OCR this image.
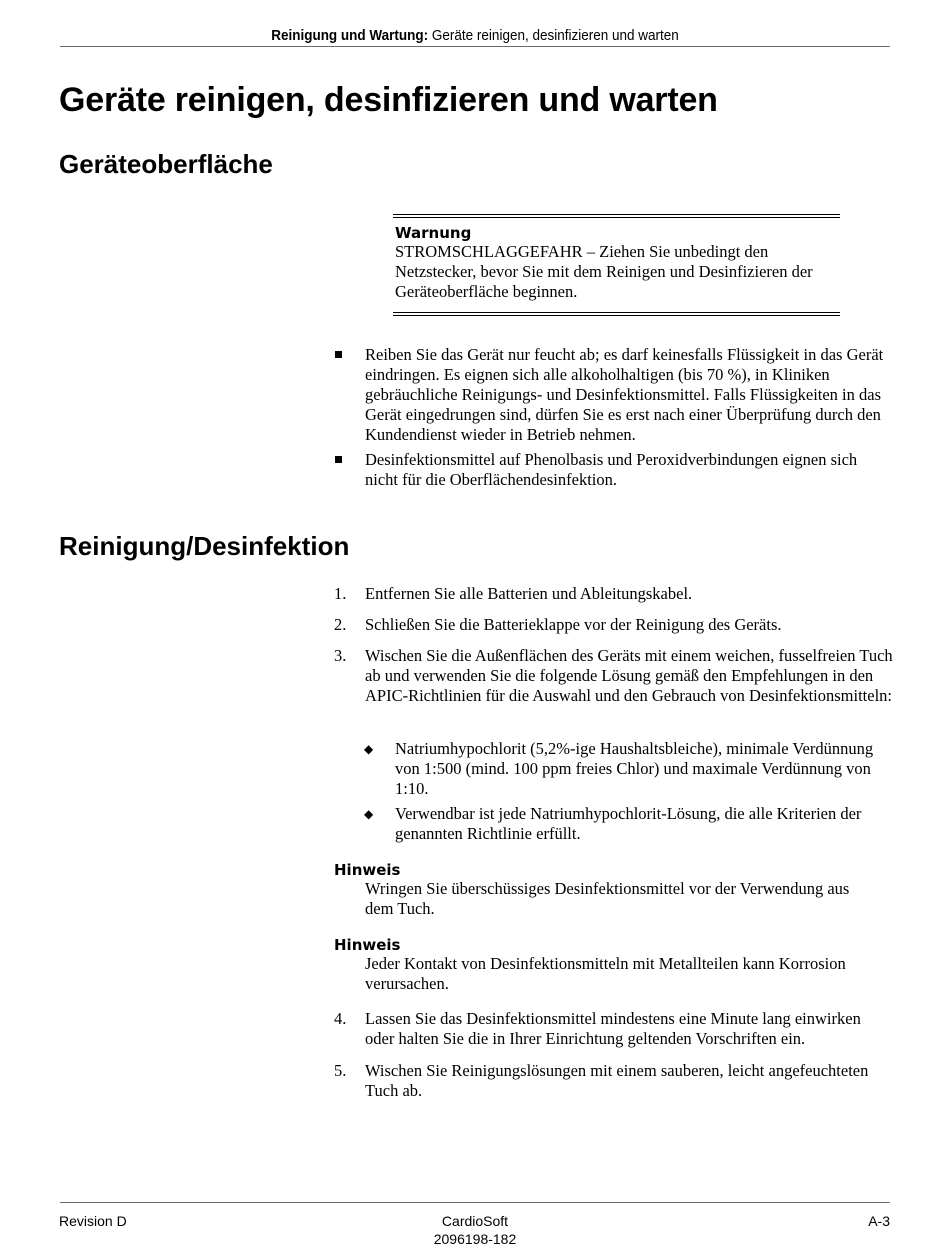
Reinigung und Wartung: Geräte reinigen, desinfizieren und warten
Geräte reinigen, desinfizieren und warten
Geräteoberfläche

Warnung

STROMSCHLAGGEFAHR – Ziehen Sie unbedingt den Netzstecker, bevor Sie mit dem Reinigen und Desinfizieren der Geräteoberfläche beginnen.

Reiben Sie das Gerät nur feucht ab; es darf keinesfalls Flüssigkeit in das Gerät eindringen. Es eignen sich alle alkoholhaltigen (bis 70 %), in Kliniken gebräuchliche Reinigungs- und Desinfektionsmittel. Falls Flüssigkeiten in das Gerät eingedrungen sind, dürfen Sie es erst nach einer Überprüfung durch den Kundendienst wieder in Betrieb nehmen.
Desinfektionsmittel auf Phenolbasis und Peroxidverbindungen eignen sich nicht für die Oberflächendesinfektion.
Reinigung/Desinfektion
1. Entfernen Sie alle Batterien und Ableitungskabel.
2. Schließen Sie die Batterieklappe vor der Reinigung des Geräts.
3. Wischen Sie die Außenflächen des Geräts mit einem weichen, fusselfreien Tuch ab und verwenden Sie die folgende Lösung gemäß den Empfehlungen in den APIC-Richtlinien für die Auswahl und den Gebrauch von Desinfektionsmitteln:
◆ Natriumhypochlorit (5,2%-ige Haushaltsbleiche), minimale Verdünnung von 1:500 (mind. 100 ppm freies Chlor) und maximale Verdünnung von 1:10.
◆ Verwendbar ist jede Natriumhypochlorit-Lösung, die alle Kriterien der genannten Richtlinie erfüllt.

Hinweis

Wringen Sie überschüssiges Desinfektionsmittel vor der Verwendung aus dem Tuch.

Hinweis

Jeder Kontakt von Desinfektionsmitteln mit Metallteilen kann Korrosion verursachen.

4. Lassen Sie das Desinfektionsmittel mindestens eine Minute lang einwirken oder halten Sie die in Ihrer Einrichtung geltenden Vorschriften ein.
5. Wischen Sie Reinigungslösungen mit einem sauberen, leicht angefeuchteten Tuch ab.
Revision D	CardioSoft
2096198-182
A-3
